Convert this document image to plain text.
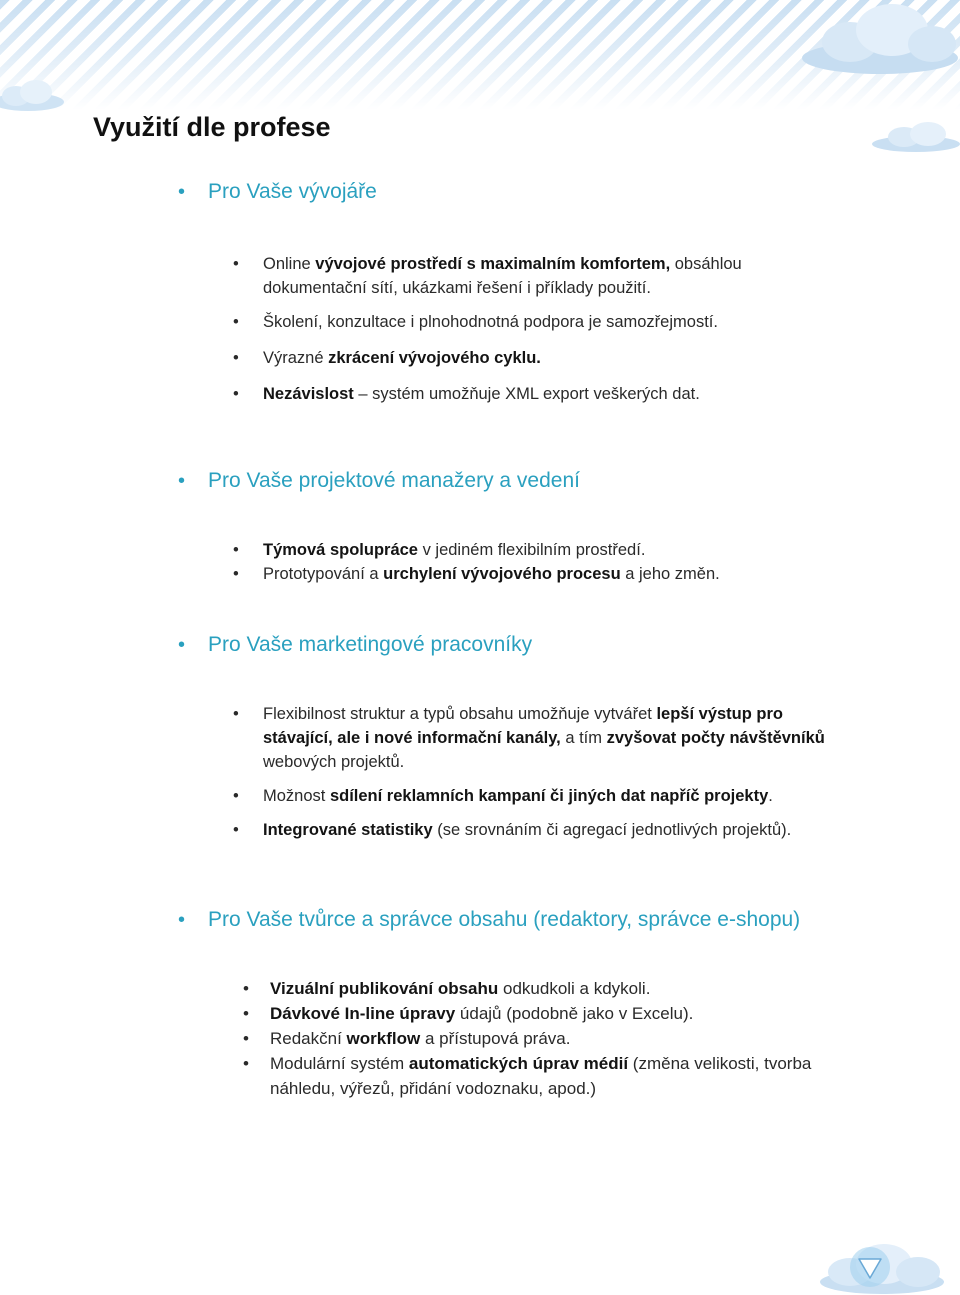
Využití dle profese
•	Pro Vaše vývojáře
• Online vývojové prostředí s maximalním komfortem, obsáhlou dokumentační sítí, ukázkami řešení i příklady použití.
• Školení, konzultace i plnohodnotná podpora je samozřejmostí.
• Výrazné zkrácení vývojového cyklu.
• Nezávislost – systém umožňuje XML export veškerých dat.
•	Pro Vaše projektové manažery a vedení
• Týmová spolupráce v jediném flexibilním prostředí.
• Prototypování a urchylení vývojového procesu a jeho změn.
•	Pro Vaše marketingové pracovníky
• Flexibilnost struktur a typů obsahu umožňuje vytvářet lepší výstup pro stávající, ale i nové informační kanály, a tím zvyšovat počty návštěvníků webových projektů.
• Možnost sdílení reklamních kampaní či jiných dat napříč projekty.
• Integrované statistiky (se srovnáním či agregací jednotlivých projektů).
•	Pro Vaše tvůrce a správce obsahu (redaktory, správce e-shopu)
• Vizuální publikování obsahu odkudkoli a kdykoli.
• Dávkové In-line úpravy údajů (podobně jako v Excelu).
• Redakční workflow a přístupová práva.
• Modulární systém automatických úprav médií (změna velikosti, tvorba náhledu, výřezů, přidání vodoznaku, apod.)
